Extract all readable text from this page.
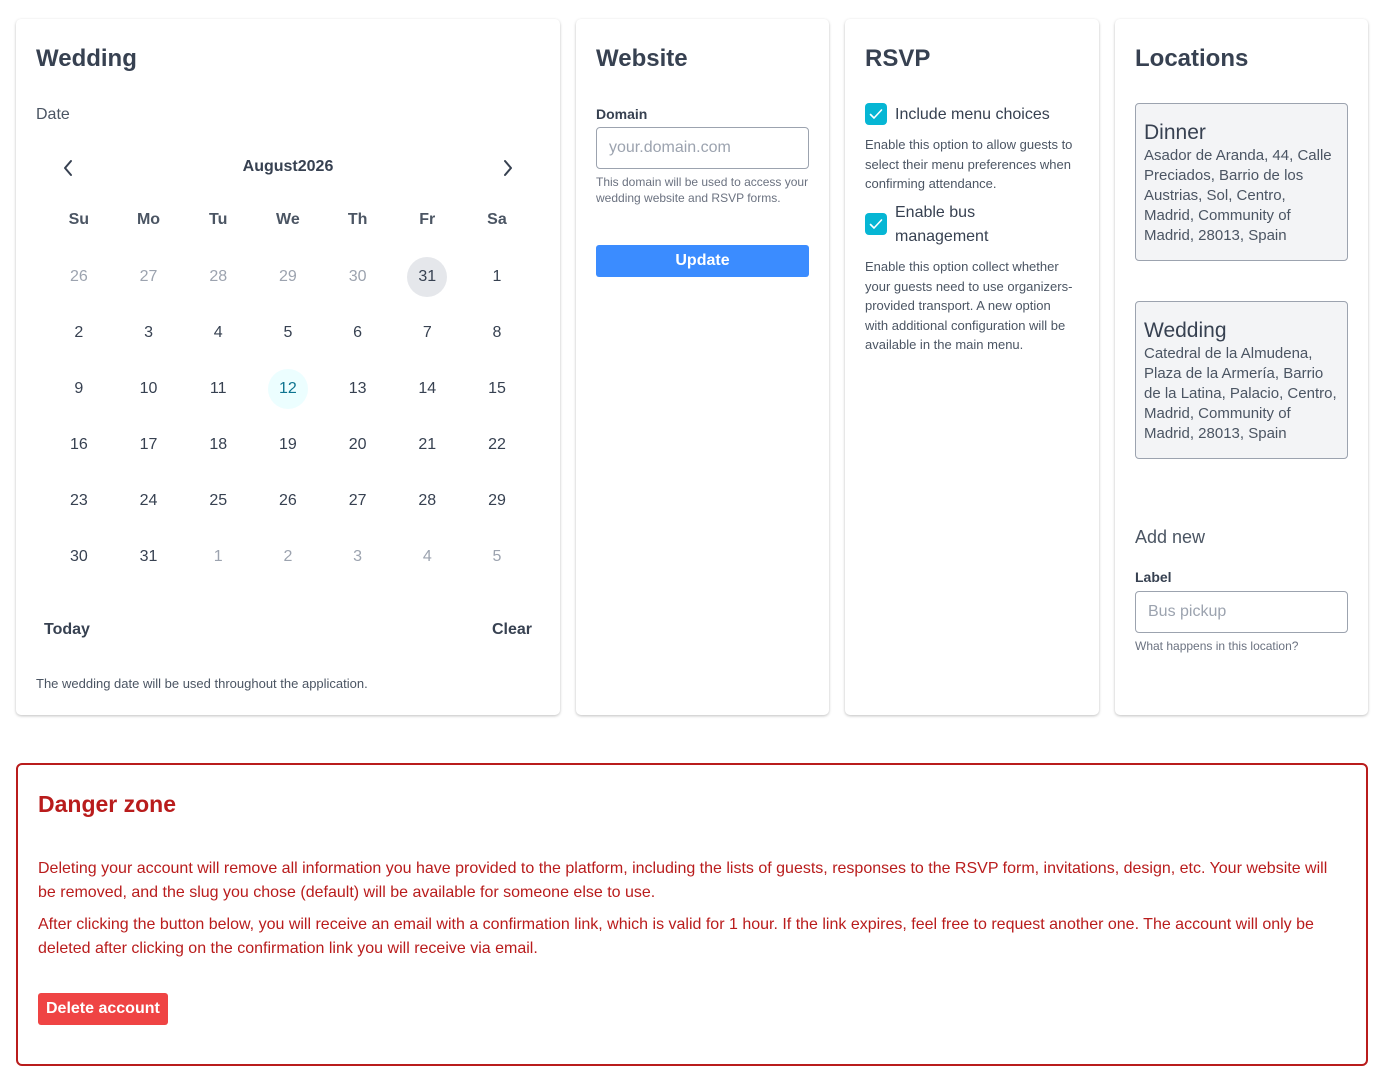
Wedding
Date
August2026
Su	Mo	Tu	We	Th	Fr	Sa
26	27	28	29	30	31	1
2	3	4	5	6	7	8
9	10	11	12	13	14	15
16	17	18	19	20	21	22
23	24	25	26	27	28	29
30	31	1	2	3	4	5
Today	Clear
The wedding date will be used throughout the application.
Website
Domain
your.domain.com
This domain will be used to access your wedding website and RSVP forms.
Update
RSVP
Include menu choices
Enable this option to allow guests to select their menu preferences when confirming attendance.
Enable bus management
Enable this option collect whether your guests need to use organizers-provided transport. A new option with additional configuration will be available in the main menu.
Locations
Dinner
Asador de Aranda, 44, Calle Preciados, Barrio de los Austrias, Sol, Centro, Madrid, Community of Madrid, 28013, Spain
Wedding
Catedral de la Almudena, Plaza de la Armería, Barrio de la Latina, Palacio, Centro, Madrid, Community of Madrid, 28013, Spain
Add new
Label
Bus pickup
What happens in this location?
Danger zone

Deleting your account will remove all information you have provided to the platform, including the lists of guests, responses to the RSVP form, invitations, design, etc. Your website will be removed, and the slug you chose (default) will be available for someone else to use.

After clicking the button below, you will receive an email with a confirmation link, which is valid for 1 hour. If the link expires, feel free to request another one. The account will only be deleted after clicking on the confirmation link you will receive via email.

Delete account
